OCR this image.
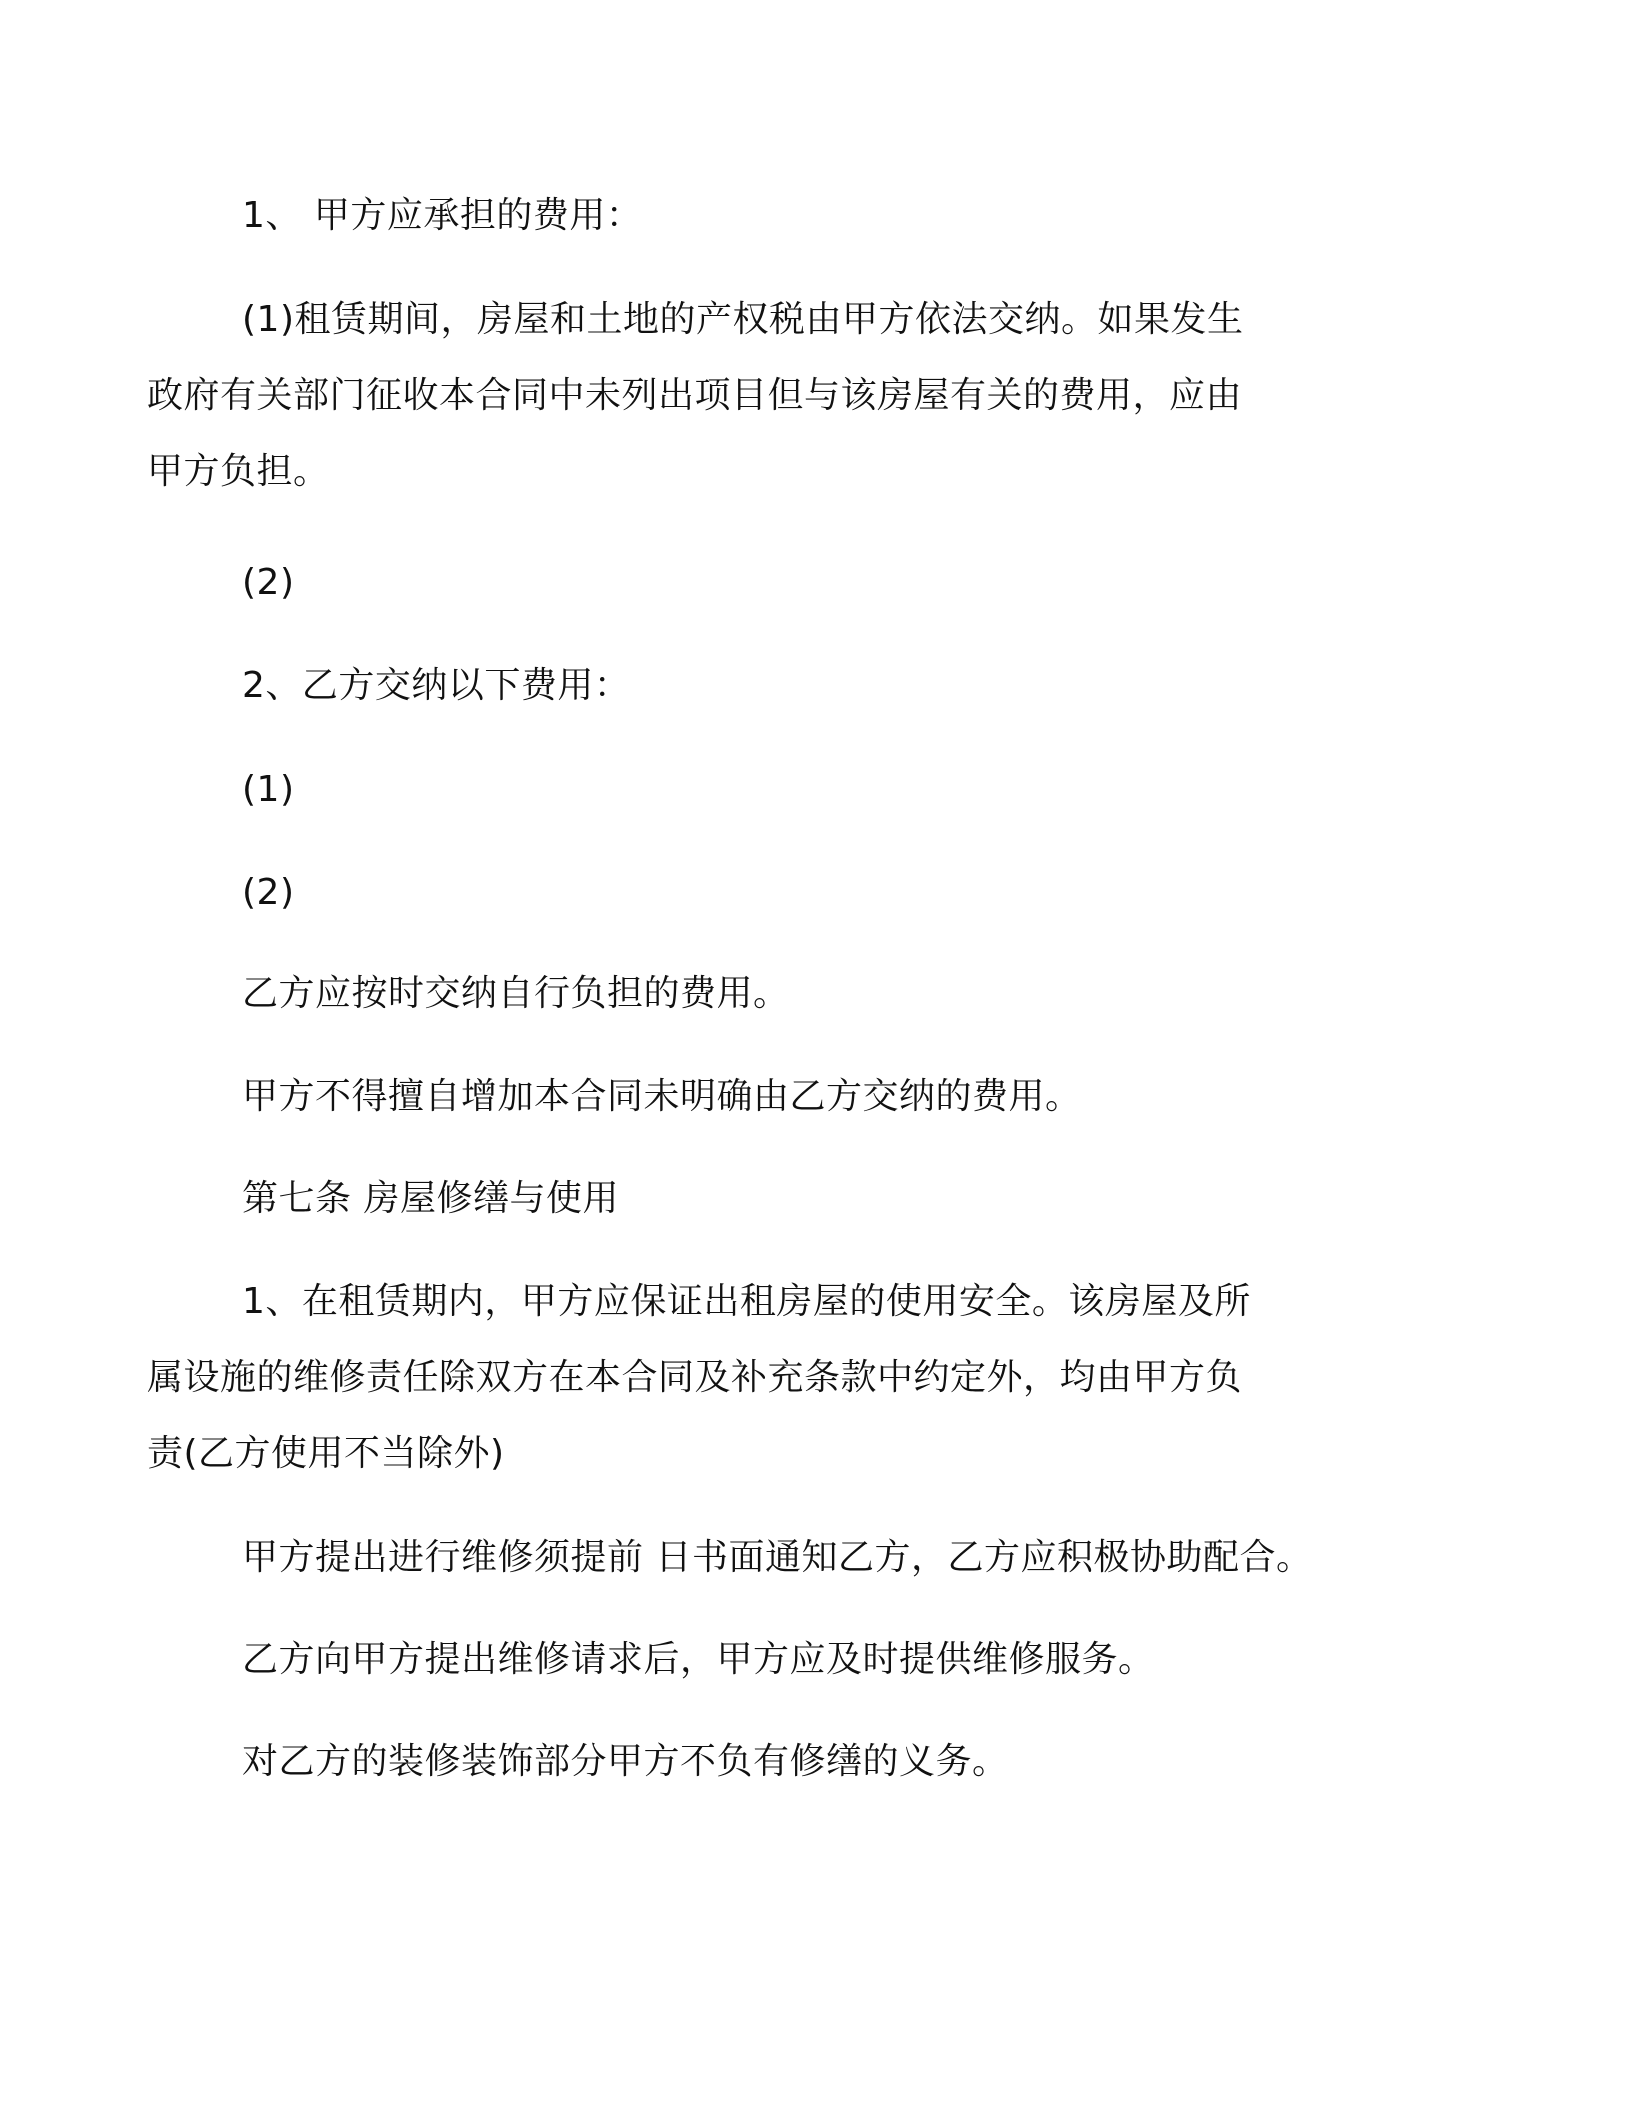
1、 甲方应承担的费用：

(1)租赁期间，房屋和土地的产权税由甲方依法交纳。如果发生
政府有关部门征收本合同中未列出项目但与该房屋有关的费用，应由
甲方负担。

(2)

2、乙方交纳以下费用：

(1)

(2)

乙方应按时交纳自行负担的费用。

甲方不得擅自增加本合同未明确由乙方交纳的费用。

第七条 房屋修缮与使用

1、在租赁期内，甲方应保证出租房屋的使用安全。该房屋及所
属设施的维修责任除双方在本合同及补充条款中约定外，均由甲方负
责(乙方使用不当除外)

甲方提出进行维修须提前 日书面通知乙方，乙方应积极协助配合。

乙方向甲方提出维修请求后，甲方应及时提供维修服务。

对乙方的装修装饰部分甲方不负有修缮的义务。
